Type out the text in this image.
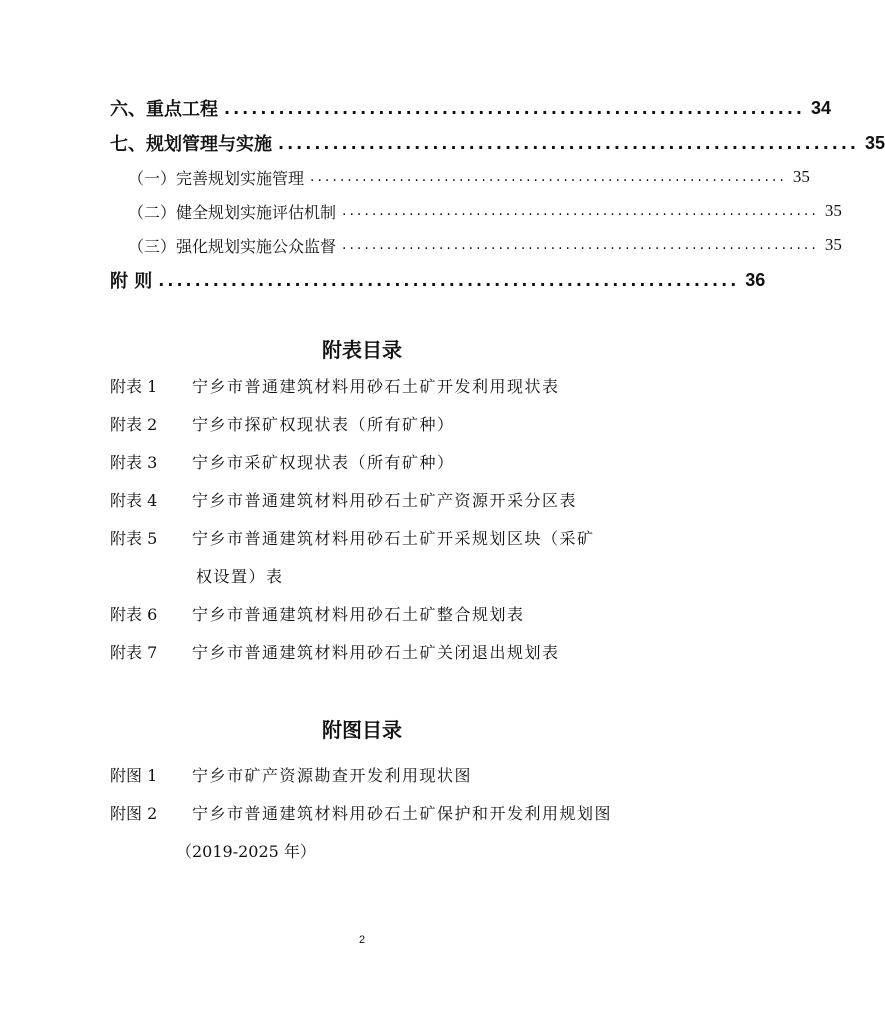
六、重点工程 ................................................................ 34
七、规划管理与实施 ................................................................ 35
（一）完善规划实施管理 ................................................................ 35
（二）健全规划实施评估机制 ................................................................ 35
（三）强化规划实施公众监督 ................................................................ 35
附 则 ................................................................ 36
附表目录
附表 1 宁乡市普通建筑材料用砂石土矿开发利用现状表
附表 2 宁乡市探矿权现状表（所有矿种）
附表 3 宁乡市采矿权现状表（所有矿种）
附表 4 宁乡市普通建筑材料用砂石土矿产资源开采分区表
附表 5 宁乡市普通建筑材料用砂石土矿开采规划区块（采矿
权设置）表
附表 6 宁乡市普通建筑材料用砂石土矿整合规划表
附表 7 宁乡市普通建筑材料用砂石土矿关闭退出规划表
附图目录
附图 1 宁乡市矿产资源勘查开发利用现状图
附图 2 宁乡市普通建筑材料用砂石土矿保护和开发利用规划图
（2019-2025 年）
2
